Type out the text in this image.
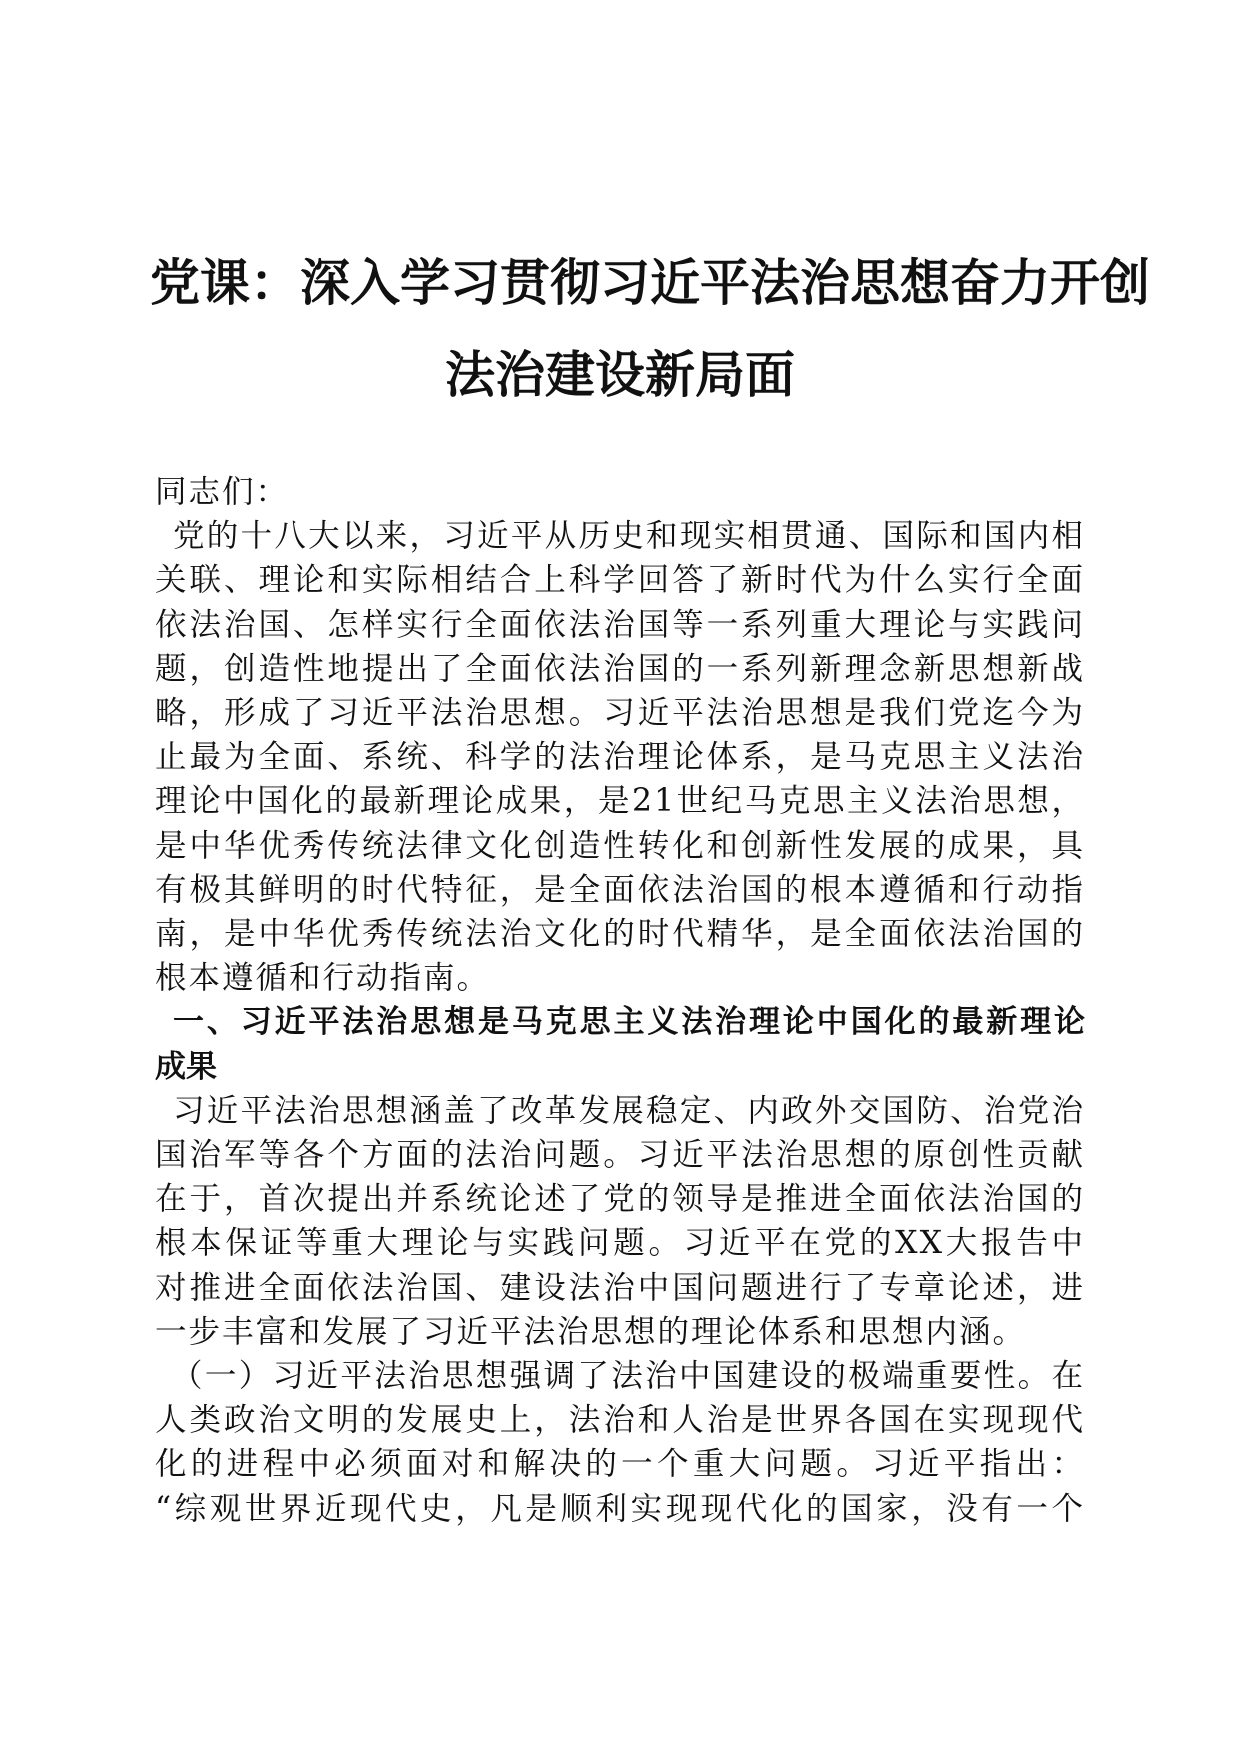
党课：深入学习贯彻习近平法治思想奋力开创
法治建设新局面
同志们：
党的十八大以来，习近平从历史和现实相贯通、国际和国内相
关联、理论和实际相结合上科学回答了新时代为什么实行全面
依法治国、怎样实行全面依法治国等一系列重大理论与实践问
题，创造性地提出了全面依法治国的一系列新理念新思想新战
略，形成了习近平法治思想。习近平法治思想是我们党迄今为
止最为全面、系统、科学的法治理论体系，是马克思主义法治
理论中国化的最新理论成果，是21世纪马克思主义法治思想，
是中华优秀传统法律文化创造性转化和创新性发展的成果，具
有极其鲜明的时代特征，是全面依法治国的根本遵循和行动指
南，是中华优秀传统法治文化的时代精华，是全面依法治国的
根本遵循和行动指南。
一、习近平法治思想是马克思主义法治理论中国化的最新理论
成果
习近平法治思想涵盖了改革发展稳定、内政外交国防、治党治
国治军等各个方面的法治问题。习近平法治思想的原创性贡献
在于，首次提出并系统论述了党的领导是推进全面依法治国的
根本保证等重大理论与实践问题。习近平在党的XX大报告中
对推进全面依法治国、建设法治中国问题进行了专章论述，进
一步丰富和发展了习近平法治思想的理论体系和思想内涵。
（一）习近平法治思想强调了法治中国建设的极端重要性。在
人类政治文明的发展史上，法治和人治是世界各国在实现现代
化的进程中必须面对和解决的一个重大问题。习近平指出：
“综观世界近现代史，凡是顺利实现现代化的国家，没有一个
